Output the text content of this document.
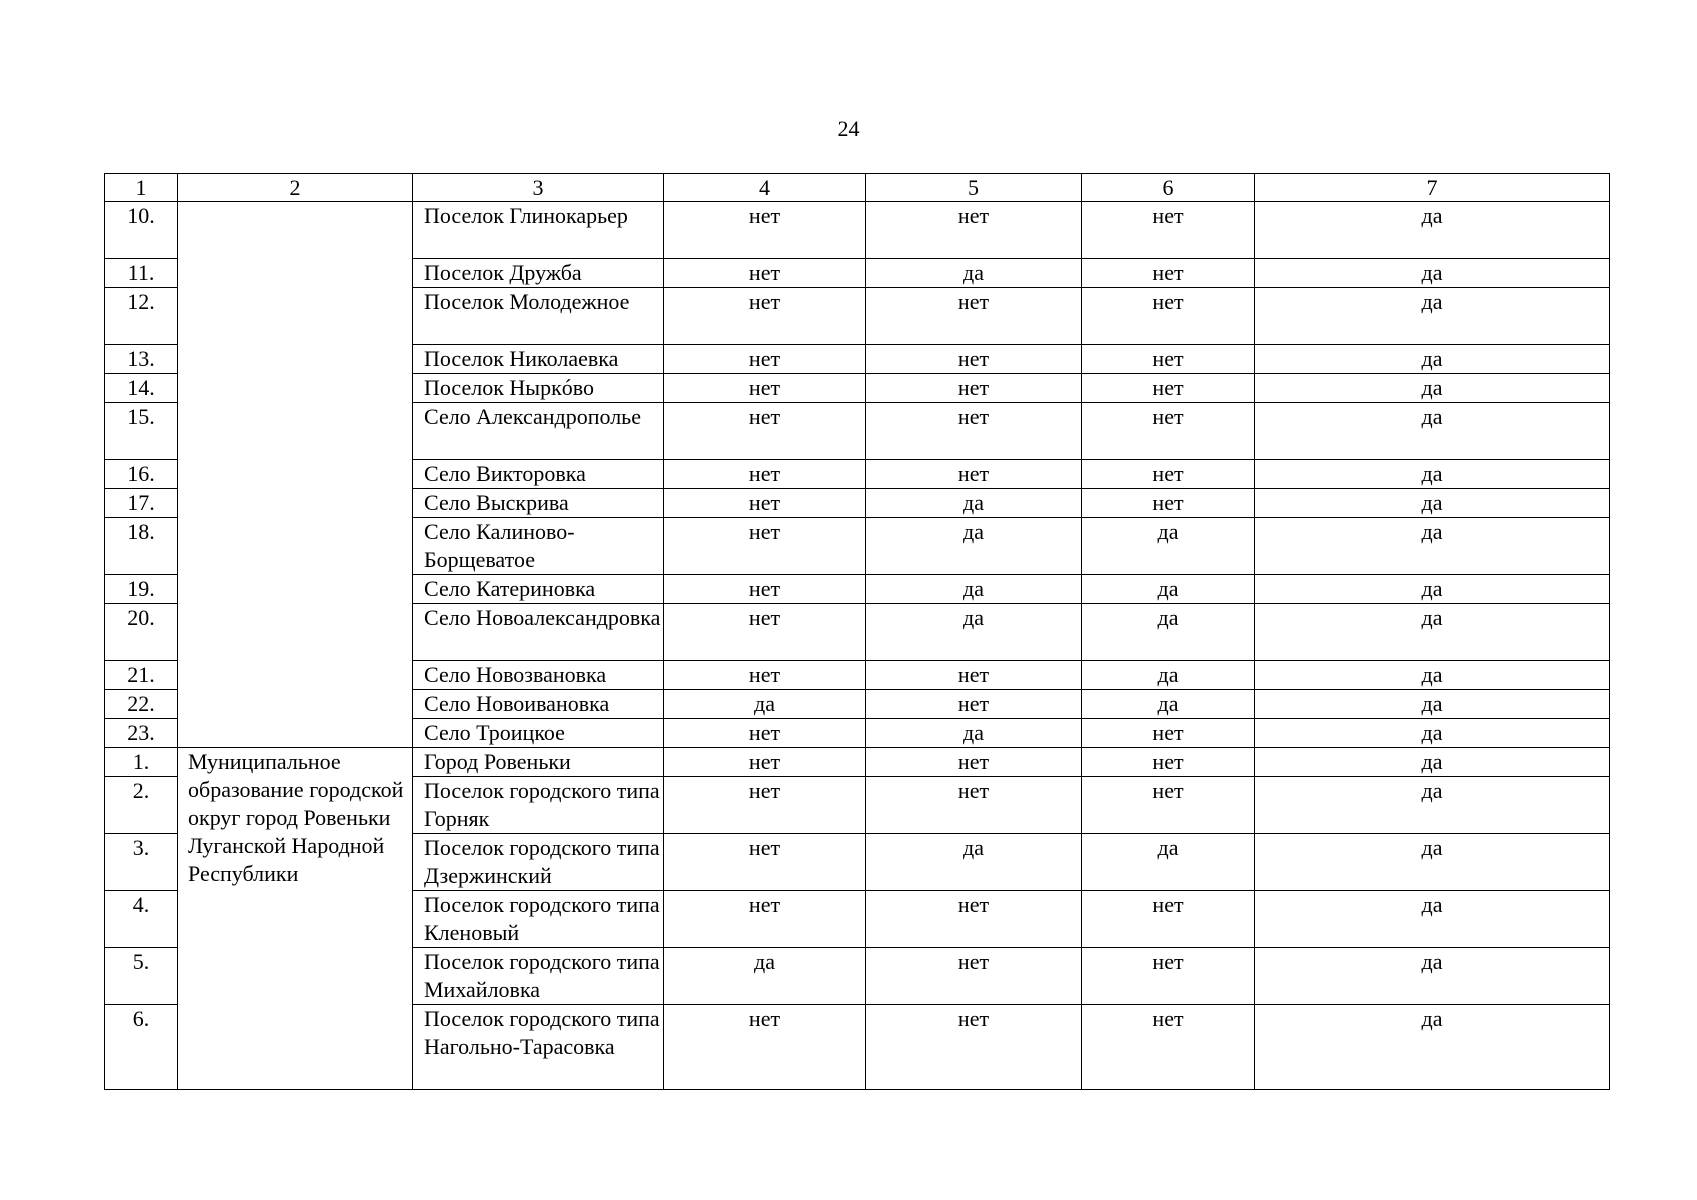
24
1	2	3	4	5	6	7
10.		Поселок Глинокарьер	нет	нет	нет	да
11.		Поселок Дружба	нет	да	нет	да
12.		Поселок Молодежное	нет	нет	нет	да
13.		Поселок Николаевка	нет	нет	нет	да
14.		Поселок Ныркóво	нет	нет	нет	да
15.		Село Александрополье	нет	нет	нет	да
16.		Село Викторовка	нет	нет	нет	да
17.		Село Выскрива	нет	да	нет	да
18.		Село Калиново-Борщеватое	нет	да	да	да
19.		Село Катериновка	нет	да	да	да
20.		Село Новоалександровка	нет	да	да	да
21.		Село Новозвановка	нет	нет	да	да
22.		Село Новоивановка	да	нет	да	да
23.		Село Троицкое	нет	да	нет	да
1.	Муниципальное образование городской округ город Ровеньки Луганской Народной Республики	Город Ровеньки	нет	нет	нет	да
2.		Поселок городского типа Горняк	нет	нет	нет	да
3.		Поселок городского типа Дзержинский	нет	да	да	да
4.		Поселок городского типа Кленовый	нет	нет	нет	да
5.		Поселок городского типа Михайловка	да	нет	нет	да
6.		Поселок городского типа Нагольно-Тарасовка	нет	нет	нет	да
